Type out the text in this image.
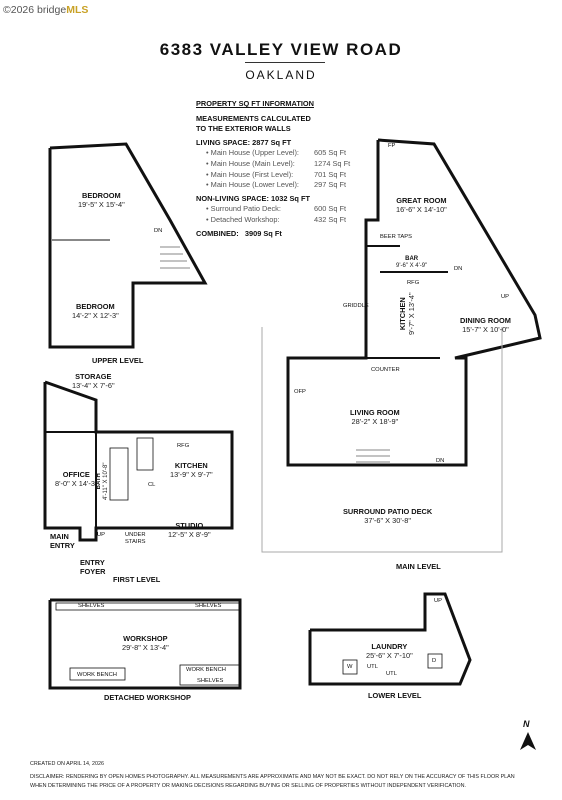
©2026 bridgeMLS
6383 VALLEY VIEW ROAD
OAKLAND
PROPERTY SQ FT INFORMATION
MEASUREMENTS CALCULATED
TO THE EXTERIOR WALLS
LIVING SPACE: 2877 Sq FT
• Main House (Upper Level):	605 Sq Ft
• Main House (Main Level):	1274 Sq Ft
• Main House (First Level):	701 Sq Ft
• Main House (Lower Level):	297 Sq Ft
NON-LIVING SPACE: 1032 Sq FT
• Surround Patio Deck:	600 Sq Ft
• Detached Workshop:	432 Sq Ft
COMBINED: 3909 Sq Ft
BEDROOM
19'-5" X 15'-4"
BEDROOM
14'-2" X 12'-3"
DN
UPPER LEVEL
FP
GREAT ROOM
16'-6" X 14'-10"
BEER TAPS
BAR
9'-6" X 4'-9"
RFG
GRIDDLE	KITCHEN 9'-7" X 13'-4"
DN
UP
DINING ROOM
15'-7" X 10'-0"
COUNTER
OFP
LIVING ROOM
28'-2" X 18'-9"
DN
SURROUND PATIO DECK
37'-6" X 30'-8"
MAIN LEVEL
STORAGE
13'-4" X 7'-6"
OFFICE
8'-0" X 14'-3"
BATH 4'-11" X 10'-8"
RFG
KITCHEN
13'-9" X 9'-7"
CL
STUDIO
12'-5" X 8'-9"
UP	UNDER STAIRS
MAIN ENTRY
ENTRY FOYER
FIRST LEVEL
SHELVES	SHELVES
WORKSHOP
29'-8" X 13'-4"
WORK BENCH
WORK BENCH
SHELVES
DETACHED WORKSHOP
UP
LAUNDRY
25'-6" X 7'-10"
W	UTL
UTL
D
LOWER LEVEL
N
CREATED ON APRIL 14, 2026
DISCLAIMER: RENDERING BY OPEN HOMES PHOTOGRAPHY. ALL MEASUREMENTS ARE APPROXIMATE AND MAY NOT BE EXACT. DO NOT RELY ON THE ACCURACY OF THIS FLOOR PLAN
WHEN DETERMINING THE PRICE OF A PROPERTY OR MAKING DECISIONS REGARDING BUYING OR SELLING OF PROPERTIES WITHOUT INDEPENDENT VERIFICATION.
